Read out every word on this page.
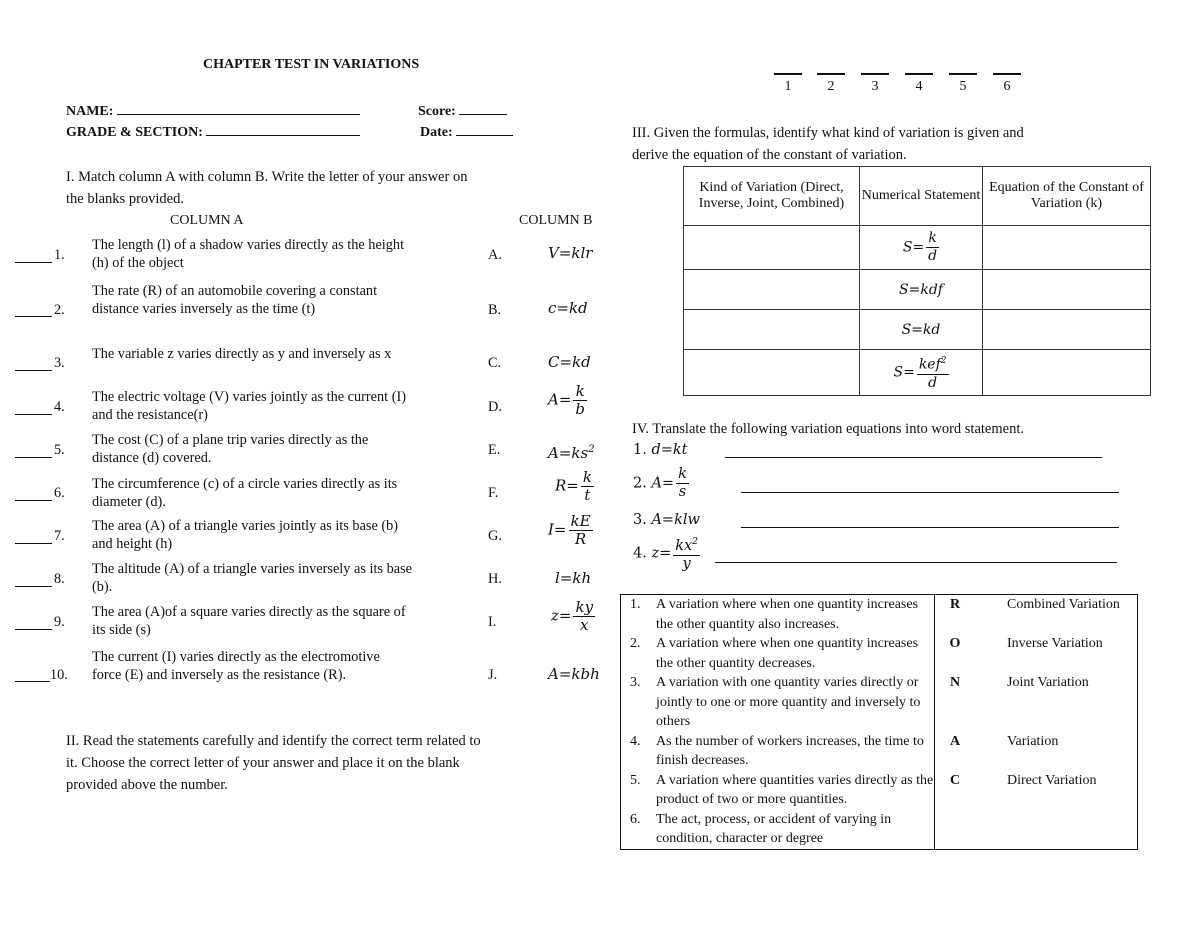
CHAPTER TEST IN VARIATIONS
NAME:	Score:
GRADE & SECTION:	Date:
I. Match column A with column B. Write the letter of your answer on
the blanks provided.
COLUMN A	COLUMN B
1.
The length (l) of a shadow varies directly as the height (h) of the object	A.	V=klr
2.
The rate (R) of an automobile covering a constant distance varies inversely as the time (t)	B.	c=kd
3.
The variable z varies directly as y and inversely as x
C.	C=kd
4.
The electric voltage (V) varies jointly as the current (I) and the resistance(r)	D.	$A= \frac{k}{b}$
5.
The cost (C) of a plane trip varies directly as the distance (d) covered.	E.	$A=ks^2$
6.
The circumference (c) of a circle varies directly as its diameter (d).
F.	$R= \frac{k}{t}$
7.
The area (A) of a triangle varies jointly as its base (b) and height (h)	G.	$I= \frac{kE}{R}$
8.
The altitude (A) of a triangle varies inversely as its base (b).	H.	l=kh
9.
The area (A)of a square varies directly as the square of its side (s)	I.	$z= \frac{ky}{x}$
10.
The current (I) varies directly as the electromotive force (E) and inversely as the resistance (R).	J.	A=kbh
II. Read the statements carefully and identify the correct term related to
it. Choose the correct letter of your answer and place it on the blank
provided above the number.
1	2	3	4	5	6
III. Given the formulas, identify what kind of variation is given and
derive the equation of the constant of variation.
Kind of Variation (Direct, Inverse, Joint, Combined)	Numerical Statement	Equation of the Constant of Variation (k)
	$S= \frac{k}{d}$

	S=kdf	
	S=kd	
	$S= \frac{kef^2}{d}$

IV. Translate the following variation equations into word statement.
1. d=kt
2. $A= \frac{k}{s}$
3. A=klw
4. $z= \frac{kx^2}{y}$
1.	A variation where when one quantity increases the other quantity also increases.	R	Combined Variation
2.	A variation where when one quantity increases the other quantity decreases.	O	Inverse Variation
3.	A variation with one quantity varies directly or jointly to one or more quantity and inversely to others	N	Joint Variation
4.	As the number of workers increases, the time to finish decreases.	A	Variation
5.	A variation where quantities varies directly as the product of two or more quantities.	C	Direct Variation
6.	The act, process, or accident of varying in condition, character or degree		
